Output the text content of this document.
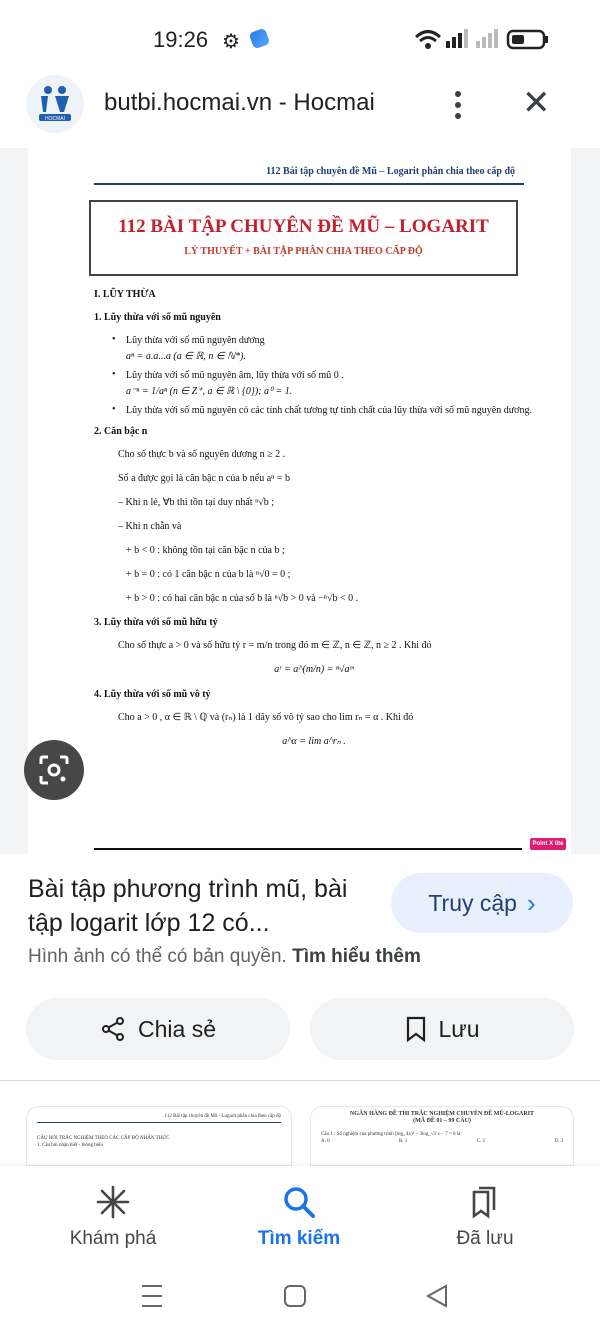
19:26 ⚙
HOCMAI
butbi.hocmai.vn - Hocmai	✕
112 Bài tập chuyên đề Mũ – Logarit phân chia theo cấp độ
112 BÀI TẬP CHUYÊN ĐỀ MŨ – LOGARIT
LÝ THUYẾT + BÀI TẬP PHÂN CHIA THEO CẤP ĐỘ
I. LŨY THỪA
1. Lũy thừa với số mũ nguyên
• Lũy thừa với số mũ nguyên dương
aⁿ = a.a...a (a ∈ ℝ, n ∈ ℕ*).
• Lũy thừa với số mũ nguyên âm, lũy thừa với số mũ 0 .
a⁻ⁿ = 1/aⁿ (n ∈ Z⁺, a ∈ ℝ \ {0}); a⁰ = 1.
• Lũy thừa với số mũ nguyên có các tính chất tương tự tính chất của lũy thừa với số mũ nguyên dương.
2. Căn bậc n
Cho số thực b và số nguyên dương n ≥ 2 .
Số a được gọi là căn bậc n của b nếu aⁿ = b
– Khi n lẻ, ∀b thì tồn tại duy nhất ⁿ√b ;
– Khi n chẵn và
+ b < 0 : không tồn tại căn bậc n của b ;
+ b = 0 : có 1 căn bậc n của b là ⁿ√0 = 0 ;
+ b > 0 : có hai căn bậc n của số b là ⁿ√b > 0 và −ⁿ√b < 0 .
3. Lũy thừa với số mũ hữu tỷ
Cho số thực a > 0 và số hữu tỷ r = m/n trong đó m ∈ ℤ, n ∈ ℤ, n ≥ 2 . Khi đó
aʳ = a^(m/n) = ⁿ√aᵐ
4. Lũy thừa với số mũ vô tỷ
Cho a > 0 , α ∈ ℝ \ ℚ và (rₙ) là 1 dãy số vô tỷ sao cho lim rₙ = α . Khi đó
a^α = lim a^rₙ .
Point X lite
Bài tập phương trình mũ, bài tập logarit lớp 12 có...
Truy cập ›
Hình ảnh có thể có bản quyền. Tìm hiểu thêm
Chia sẻ	Lưu

112 Bài tập chuyên đề Mũ - Logarit phân chia theo cấp độ

CÂU HỎI TRẮC NGHIỆM THEO CÁC CẤP ĐỘ NHẬN THỨC

1. Câu hỏi nhận biết - thông hiểu

NGÂN HÀNG ĐỀ THI TRẮC NGHIỆM CHUYÊN ĐỀ MŨ-LOGARIT

(MÃ ĐỀ 01 – 99 CÂU)

Câu 1 : Số nghiệm của phương trình (log₃ 4x)² − 3log_√3 x − 7 = 0 là:

A. 0	B. 1	C. 2	D. 3

Khám phá	Tìm kiếm	Đã lưu
